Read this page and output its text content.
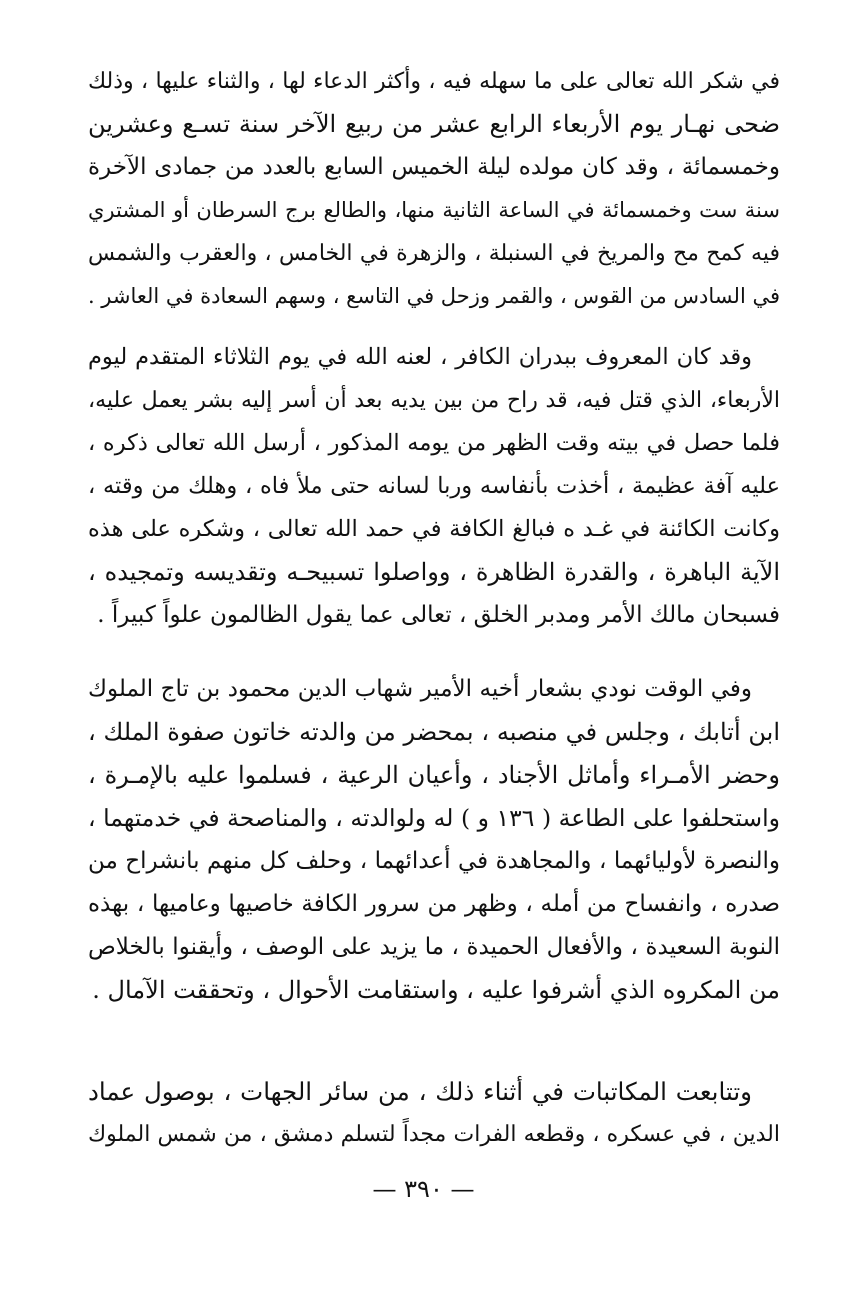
في شكر الله تعالى على ما سهله فيه ، وأكثر الدعاء لها ، والثناء عليها ، وذلك
ضحى نهـار يوم الأربعاء الرابع عشر من ربيع الآخر سنة تسـع وعشرين
وخمسمائة ، وقد كان مولده ليلة الخميس السابع بالعدد من جمادى الآخرة
سنة ست وخمسمائة في الساعة الثانية منها، والطالع برج السرطان أو المشتري
فيه كمح مح والمريخ في السنبلة ، والزهرة في الخامس ، والعقرب والشمس
في السادس من القوس ، والقمر وزحل في التاسع ، وسهم السعادة في العاشر .
وقد كان المعروف ببدران الكافر ، لعنه الله في يوم الثلاثاء المتقدم ليوم
الأربعاء، الذي قتل فيه، قد راح من بين يديه بعد أن أسر إليه بشر يعمل عليه،
فلما حصل في بيته وقت الظهر من يومه المذكور ، أرسل الله تعالى ذكره ،
عليه آفة عظيمة ، أخذت بأنفاسه وربا لسانه حتى ملأ فاه ، وهلك من وقته ،
وكانت الكائنة في غـد ه فبالغ الكافة في حمد الله تعالى ، وشكره على هذه
الآية الباهرة ، والقدرة الظاهرة ، وواصلوا تسبيحـه وتقديسه وتمجيده ،
فسبحان مالك الأمر ومدبر الخلق ، تعالى عما يقول الظالمون علواً كبيراً .
وفي الوقت نودي بشعار أخيه الأمير شهاب الدين محمود بن تاج الملوك
ابن أتابك ، وجلس في منصبه ، بمحضر من والدته خاتون صفوة الملك ،
وحضر الأمـراء وأماثل الأجناد ، وأعيان الرعية ، فسلموا عليه بالإمـرة ،
واستحلفوا على الطاعة ( ١٣٦ و ) له ولوالدته ، والمناصحة في خدمتهما ،
والنصرة لأوليائهما ، والمجاهدة في أعدائهما ، وحلف كل منهم بانشراح من
صدره ، وانفساح من أمله ، وظهر من سرور الكافة خاصيها وعاميها ، بهذه
النوبة السعيدة ، والأفعال الحميدة ، ما يزيد على الوصف ، وأيقنوا بالخلاص
من المكروه الذي أشرفوا عليه ، واستقامت الأحوال ، وتحققت الآمال .
وتتابعت المكاتبات في أثناء ذلك ، من سائر الجهات ، بوصول عماد
الدين ، في عسكره ، وقطعه الفرات مجداً لتسلم دمشق ، من شمس الملوك
— ٣٩٠ —
